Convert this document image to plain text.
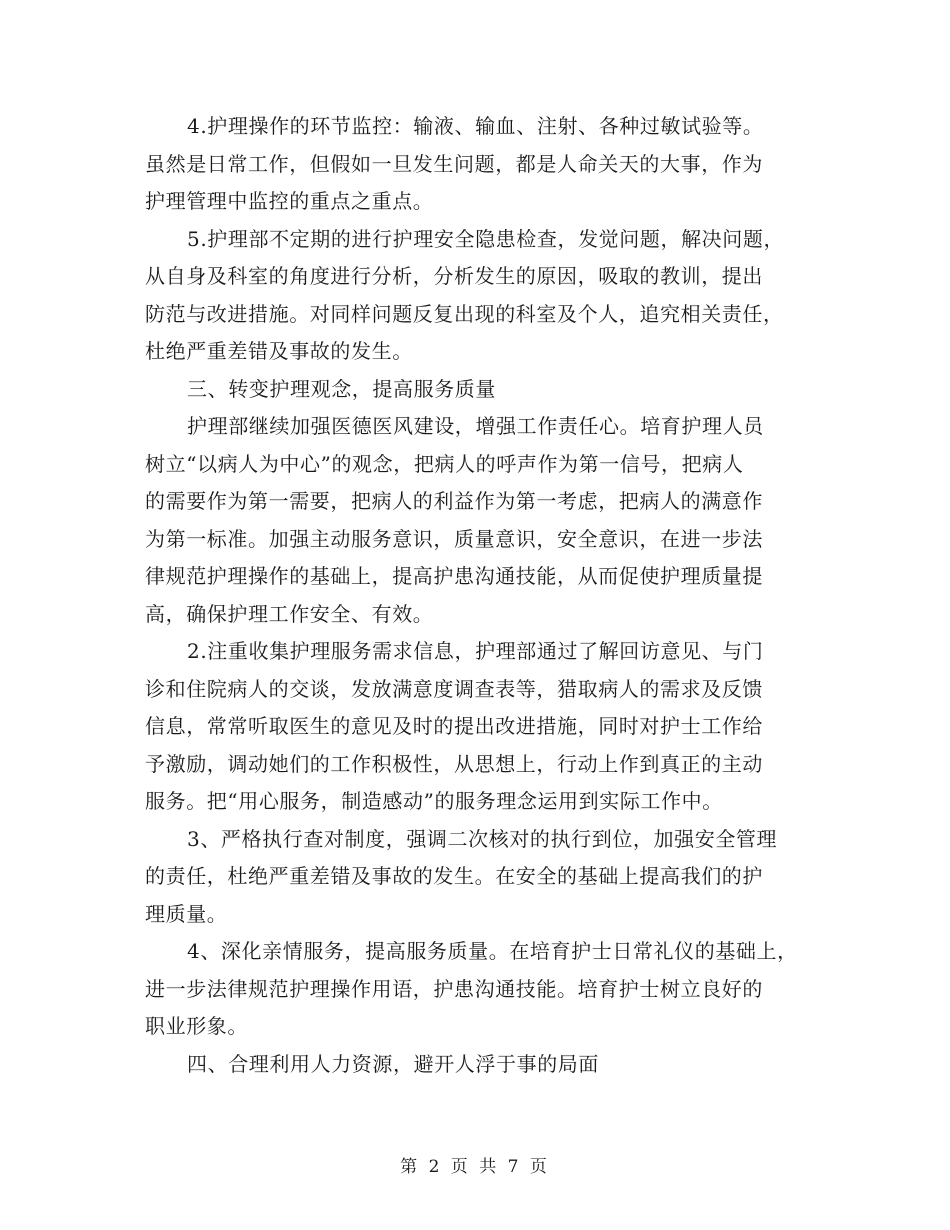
4.护理操作的环节监控：输液、输血、注射、各种过敏试验等。
虽然是日常工作，但假如一旦发生问题，都是人命关天的大事，作为
护理管理中监控的重点之重点。

5.护理部不定期的进行护理安全隐患检查，发觉问题，解决问题，
从自身及科室的角度进行分析，分析发生的原因，吸取的教训，提出
防范与改进措施。对同样问题反复出现的科室及个人，追究相关责任，
杜绝严重差错及事故的发生。

三、转变护理观念，提高服务质量

护理部继续加强医德医风建设，增强工作责任心。培育护理人员
树立“以病人为中心”的观念，把病人的呼声作为第一信号，把病人
的需要作为第一需要，把病人的利益作为第一考虑，把病人的满意作
为第一标准。加强主动服务意识，质量意识，安全意识，在进一步法
律规范护理操作的基础上，提高护患沟通技能，从而促使护理质量提
高，确保护理工作安全、有效。

2.注重收集护理服务需求信息，护理部通过了解回访意见、与门
诊和住院病人的交谈，发放满意度调查表等，猎取病人的需求及反馈
信息，常常听取医生的意见及时的提出改进措施，同时对护士工作给
予激励，调动她们的工作积极性，从思想上，行动上作到真正的主动
服务。把“用心服务，制造感动”的服务理念运用到实际工作中。

3、严格执行查对制度，强调二次核对的执行到位，加强安全管理
的责任，杜绝严重差错及事故的发生。在安全的基础上提高我们的护
理质量。

4、深化亲情服务，提高服务质量。在培育护士日常礼仪的基础上，
进一步法律规范护理操作用语，护患沟通技能。培育护士树立良好的
职业形象。

四、合理利用人力资源，避开人浮于事的局面

第 2 页 共 7 页
